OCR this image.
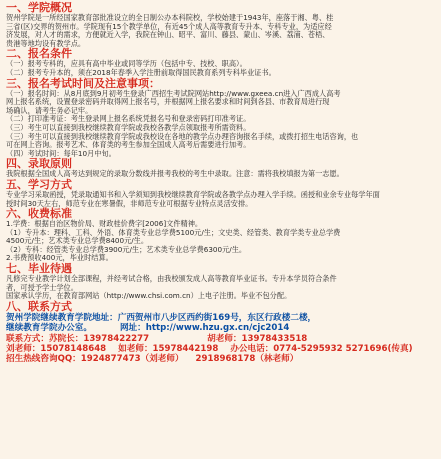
一、学院概况
贺州学院是一所经国家教育部批准设立的全日制公办本科院校，学校始建于1943年，座落于湘、粤、桂
三省(区)交界的贺州市。学院现有15个教学单位，有近45个成人高等教育专升本、专科专业，为适应经
济发展，对人才的需求，方便就近入学，我院在钟山、昭平、富川、藤县、蒙山、岑溪、荔浦、苍梧、
贵港等地均设有教学点。
二、报名条件
（一）报考专科的，应具有高中毕业或同等学历（包括中专、技校、职高）。
（二）报考专升本的，须在2018年春季入学注册前取得国民教育系列专科毕业证书。
三、报名考试时间及注意事项：
（一）报名时间：从8月底到9月初考生登录广西招生考试院网站http://www.gxeea.cn进入广西成人高考
网上报名系统，设置登录密码并取得网上报名号，并根据网上报名要求和时间到各县、市教育局进行现
场确认，请考生务必记牢。
（二）打印准考证：考生登录网上报名系统凭报名号和登录密码打印准考证。
（三）考生可以直接到我校继续教育学院或我校各教学点领取报考所需资料。
（三）考生可以直接到我校继续教育学院或我校设在各地的教学点办理咨询报名手续，或拨打招生电话咨询，也
可在网上咨询。报考艺术、体育类的考生参加全国成人高考后需要进行加考。
（四）考试时间：每年10月中旬。
四、录取原则
我院根据全国成人高考达到规定的录取分数线并报考我校的考生中录取。注意：需将我校填报为第一志愿。
五、学习方式
专业学习采取函授，凭录取通知书和入学须知到我校继续教育学院或各教学点办理入学手续。函授和业余专业每学年面
授时间30天左右，师范专业在寒暑假，非师范专业可根据专业特点灵活安排。
六、收费标准
1.学费：根据自治区物价局、财政桂价费字[2006]文件精神。
（1）专升本：理科、工科、外语、体育类专业总学费5100元/生；文史类、经管类、教育学类专业总学费
4500元/生；艺术类专业总学费8400元/生。
（2）专科：经管类专业总学费3900元/生；艺术类专业总学费6300元/生。
2.书费预收400元，毕业时结算。
七、毕业待遇
凡修完专业教学计划全部课程，并经考试合格，由我校颁发成人高等教育毕业证书。专升本学员符合条件
者，可授予学士学位。
国家承认学历，在教育部网站（http://www.chsi.com.cn）上电子注册。毕业不包分配。
八、联系方式
贺州学院继续教育学院地址：广西贺州市八步区西约街169号，东区行政楼二楼，
继续教育学院办公室。	网址：http://www.hzu.gx.cn/cjc2014
联系方式：苏院长：13978422277	胡老师：13978433518
刘老师：15078148648 如老师：15978442198 办公电话：0774-5295932 5271696(传真)
招生热线咨询QQ：1924877473（刘老师） 2918968178（林老师）
